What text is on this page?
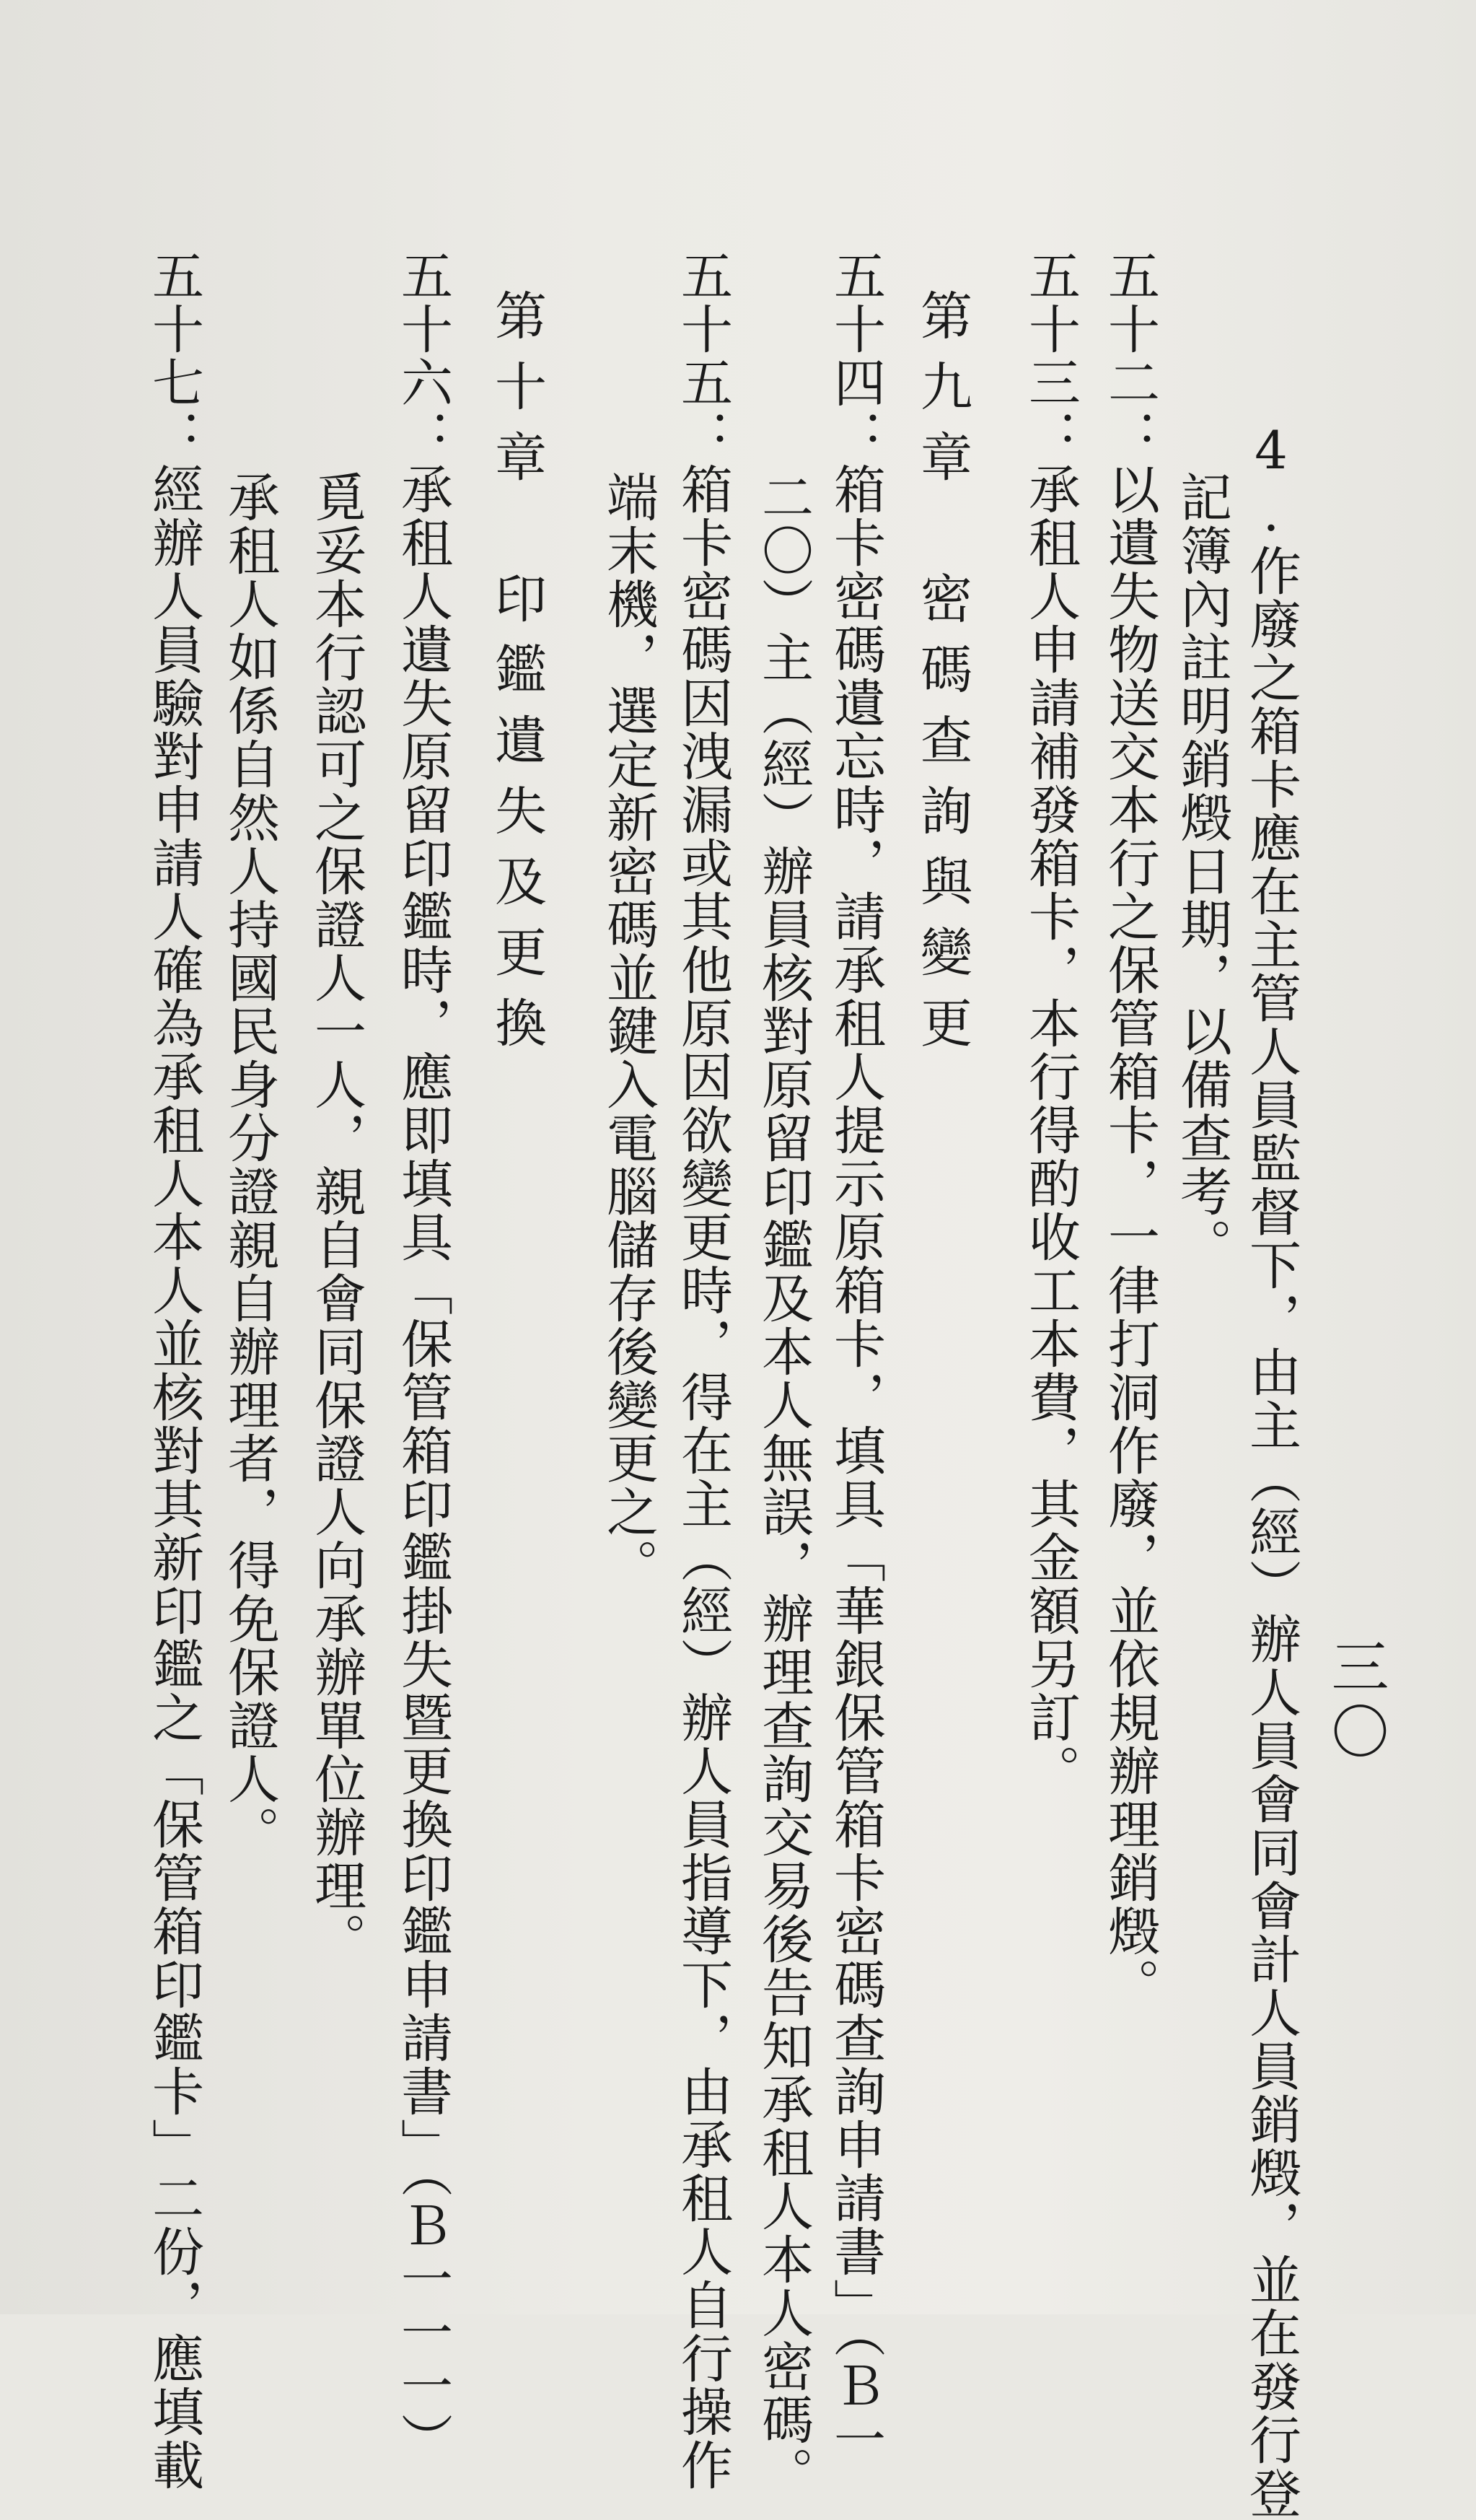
三〇
4.作廢之箱卡應在主管人員監督下，由主（經）辦人員會同會計人員銷燬，並在發行登
記簿內註明銷燬日期，以備查考。
五十二：以遺失物送交本行之保管箱卡，一律打洞作廢，並依規辦理銷燬。
五十三：承租人申請補發箱卡，本行得酌收工本費，其金額另訂。
第九章　密碼查詢與變更
五十四：箱卡密碼遺忘時，請承租人提示原箱卡，填具「華銀保管箱卡密碼查詢申請書」（Ｂ一
二〇）主（經）辦員核對原留印鑑及本人無誤，辦理查詢交易後告知承租人本人密碼。
五十五：箱卡密碼因洩漏或其他原因欲變更時，得在主（經）辦人員指導下，由承租人自行操作
端末機，選定新密碼並鍵入電腦儲存後變更之。
第十章　印鑑遺失及更換
五十六：承租人遺失原留印鑑時，應即填具「保管箱印鑑掛失暨更換印鑑申請書」（Ｂ一一一）
覓妥本行認可之保證人一人，親自會同保證人向承辦單位辦理。
承租人如係自然人持國民身分證親自辦理者，得免保證人。
五十七：經辦人員驗對申請人確為承租人本人並核對其新印鑑之「保管箱印鑑卡」二份，應填載
